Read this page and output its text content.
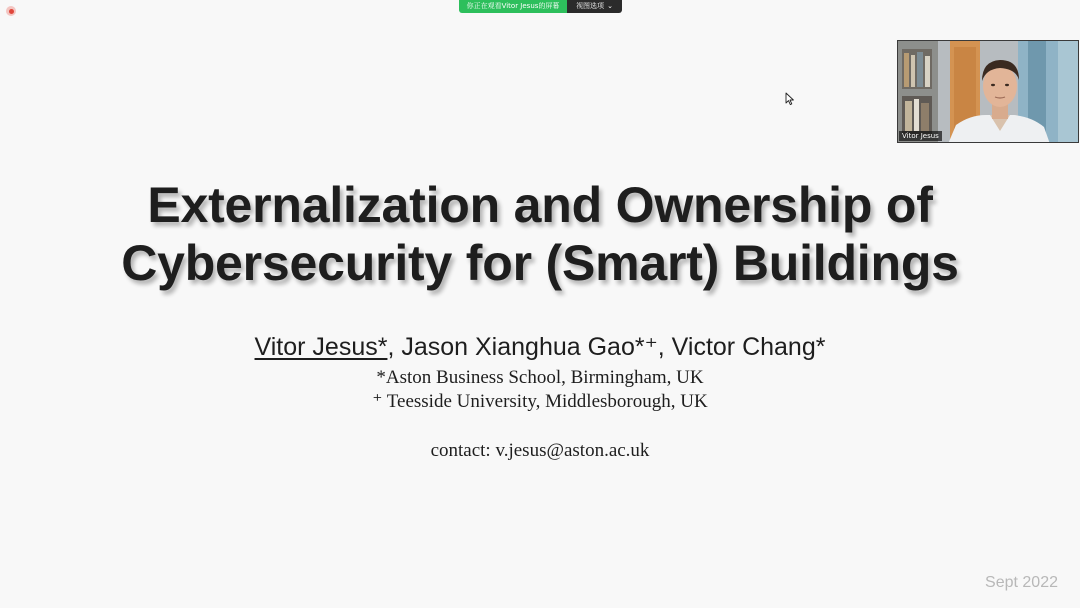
你正在观看Vitor Jesus的屏幕	视图选项 ⌄
Vitor Jesus
Externalization and Ownership of
Cybersecurity for (Smart) Buildings
Vitor Jesus*, Jason Xianghua Gao*⁺, Victor Chang*
*Aston Business School, Birmingham, UK
⁺ Teesside University, Middlesborough, UK
contact: v.jesus@aston.ac.uk
Sept 2022
